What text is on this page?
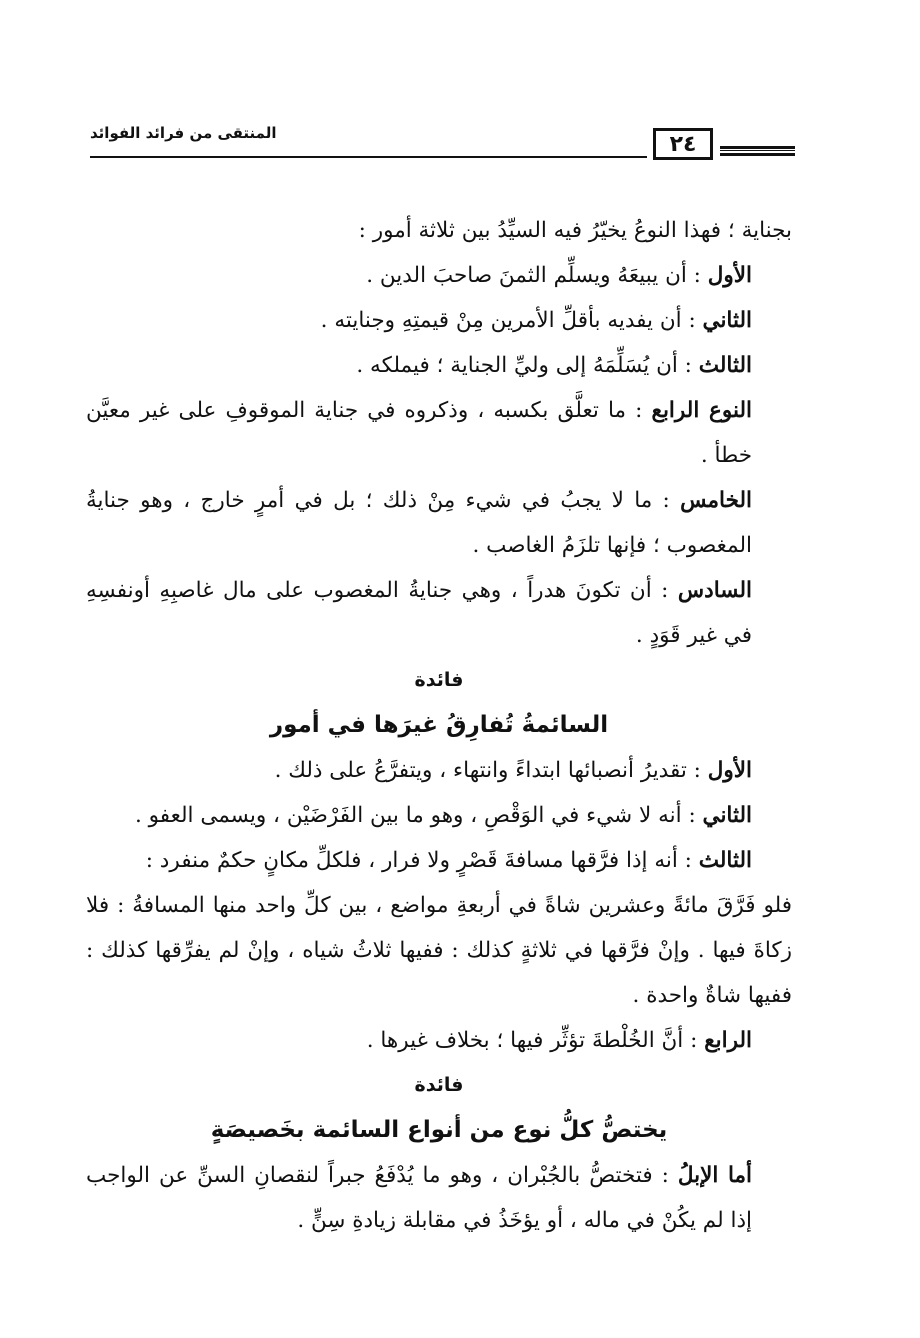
المنتقى من فرائد الفوائد	٢٤

بجناية ؛ فهذا النوعُ يخيّرُ فيه السيِّدُ بين ثلاثة أمور :

الأول : أن يبيعَهُ ويسلِّم الثمنَ صاحبَ الدين .

الثاني : أن يفديه بأقلِّ الأمرين مِنْ قيمتِهِ وجنايته .

الثالث : أن يُسَلِّمَهُ إلى وليِّ الجناية ؛ فيملكه .

النوع الرابع : ما تعلَّق بكسبه ، وذكروه في جناية الموقوفِ على غير معيَّن خطأ .

الخامس : ما لا يجبُ في شيء مِنْ ذلك ؛ بل في أمرٍ خارج ، وهو جنايةُ المغصوب ؛ فإنها تلزَمُ الغاصب .

السادس : أن تكونَ هدراً ، وهي جنايةُ المغصوب على مال غاصبِهِ أونفسِهِ في غير قَوَدٍ .

فائدة

السائمةُ تُفارِقُ غيرَها في أمور

الأول : تقديرُ أنصبائها ابتداءً وانتهاء ، ويتفرَّعُ على ذلك .

الثاني : أنه لا شيء في الوَقْصِ ، وهو ما بين الفَرْضَيْن ، ويسمى العفو .

الثالث : أنه إذا فرَّقها مسافةَ قَصْرٍ ولا فرار ، فلكلِّ مكانٍ حكمٌ منفرد :

فلو فَرَّقَ مائةً وعشرين شاةً في أربعةِ مواضع ، بين كلِّ واحد منها المسافةُ : فلا زكاةَ فيها . وإنْ فرَّقها في ثلاثةٍ كذلك : ففيها ثلاثُ شياه ، وإنْ لم يفرِّقها كذلك : ففيها شاةٌ واحدة .

الرابع : أنَّ الخُلْطةَ تؤثِّر فيها ؛ بخلاف غيرها .

فائدة

يختصُّ كلُّ نوع من أنواع السائمة بخَصيصَةٍ

أما الإبلُ : فتختصُّ بالجُبْران ، وهو ما يُدْفَعُ جبراً لنقصانِ السنِّ عن الواجب إذا لم يكُنْ في ماله ، أو يؤخَذُ في مقابلة زيادةِ سِنٍّ .
